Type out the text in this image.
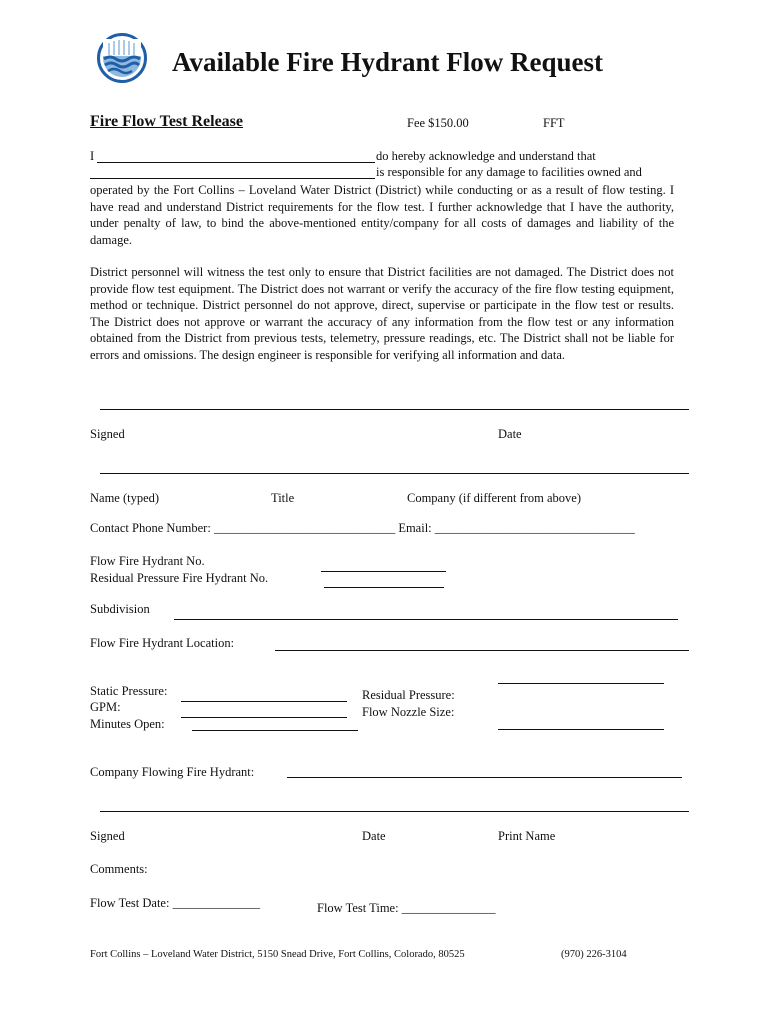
Available Fire Hydrant Flow Request
Fire Flow Test Release	Fee $150.00	FFT
I	do hereby acknowledge and understand that
is responsible for any damage to facilities owned and
operated by the Fort Collins – Loveland Water District (District) while conducting or as a result of flow testing. I have read and understand District requirements for the flow test. I further acknowledge that I have the authority, under penalty of law, to bind the above-mentioned entity/company for all costs of damages and liability of the damage.
District personnel will witness the test only to ensure that District facilities are not damaged. The District does not provide flow test equipment. The District does not warrant or verify the accuracy of the fire flow testing equipment, method or technique. District personnel do not approve, direct, supervise or participate in the flow test or results. The District does not approve or warrant the accuracy of any information from the flow test or any information obtained from the District from previous tests, telemetry, pressure readings, etc. The District shall not be liable for errors and omissions. The design engineer is responsible for verifying all information and data.
Signed	Date
Name (typed)	Title	Company (if different from above)
Contact Phone Number: _____________________________ Email: ________________________________
Flow Fire Hydrant No.
Residual Pressure Fire Hydrant No.
Subdivision
Flow Fire Hydrant Location:
Static Pressure:
GPM:
Minutes Open:
Residual Pressure:
Flow Nozzle Size:
Company Flowing Fire Hydrant:
Signed	Date	Print Name
Comments:
Flow Test Date: ______________	Flow Test Time: _______________
Fort Collins – Loveland Water District, 5150 Snead Drive, Fort Collins, Colorado, 80525	(970) 226-3104
